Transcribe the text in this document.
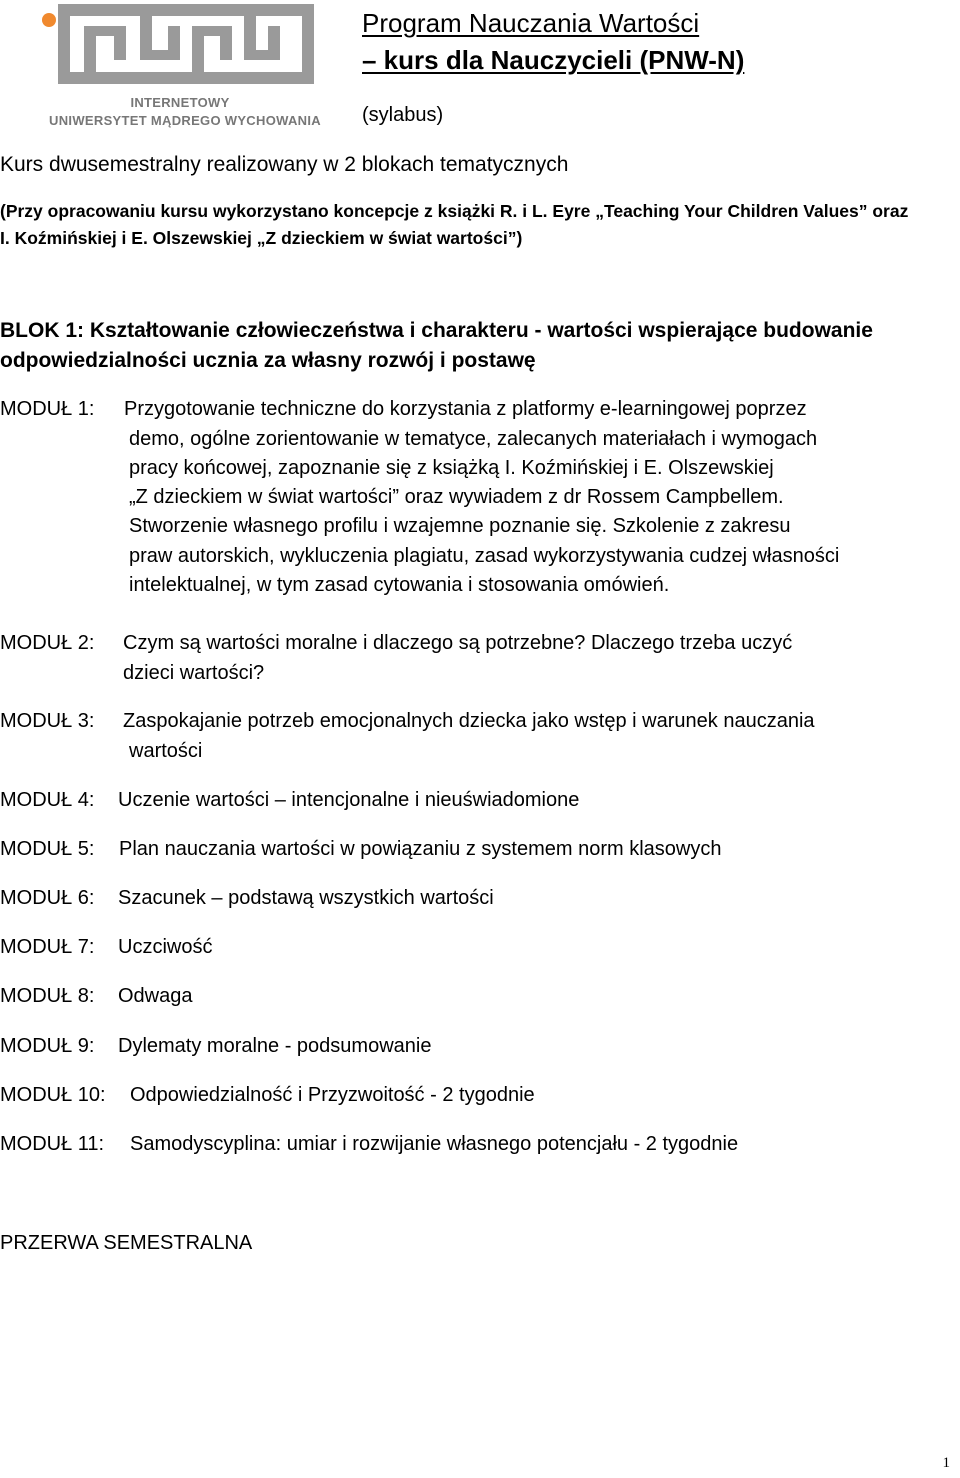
INTERNETOWY
UNIWERSYTET MĄDREGO WYCHOWANIA
Program Nauczania Wartości
– kurs dla Nauczycieli (PNW-N)
(sylabus)
Kurs dwusemestralny realizowany w 2 blokach tematycznych
(Przy opracowaniu kursu wykorzystano koncepcje z książki R. i L. Eyre „Teaching Your Children Values” oraz
I. Koźmińskiej i E. Olszewskiej „Z dzieckiem w świat wartości”)
BLOK 1: Kształtowanie człowieczeństwa i charakteru - wartości wspierające budowanie
odpowiedzialności ucznia za własny rozwój i postawę
MODUŁ 1: Przygotowanie techniczne do korzystania z platformy e-learningowej poprzez
demo, ogólne zorientowanie w tematyce, zalecanych materiałach i wymogach
pracy końcowej, zapoznanie się z książką I. Koźmińskiej i E. Olszewskiej
„Z dzieckiem w świat wartości” oraz wywiadem z dr Rossem Campbellem.
Stworzenie własnego profilu i wzajemne poznanie się. Szkolenie z zakresu
praw autorskich, wykluczenia plagiatu, zasad wykorzystywania cudzej własności
intelektualnej, w tym zasad cytowania i stosowania omówień.
MODUŁ 2: Czym są wartości moralne i dlaczego są potrzebne? Dlaczego trzeba uczyć
dzieci wartości?
MODUŁ 3: Zaspokajanie potrzeb emocjonalnych dziecka jako wstęp i warunek nauczania
wartości
MODUŁ 4: Uczenie wartości – intencjonalne i nieuświadomione
MODUŁ 5: Plan nauczania wartości w powiązaniu z systemem norm klasowych
MODUŁ 6: Szacunek – podstawą wszystkich wartości
MODUŁ 7: Uczciwość
MODUŁ 8: Odwaga
MODUŁ 9: Dylematy moralne - podsumowanie
MODUŁ 10: Odpowiedzialność i Przyzwoitość - 2 tygodnie
MODUŁ 11: Samodyscyplina: umiar i rozwijanie własnego potencjału - 2 tygodnie
PRZERWA SEMESTRALNA
1
